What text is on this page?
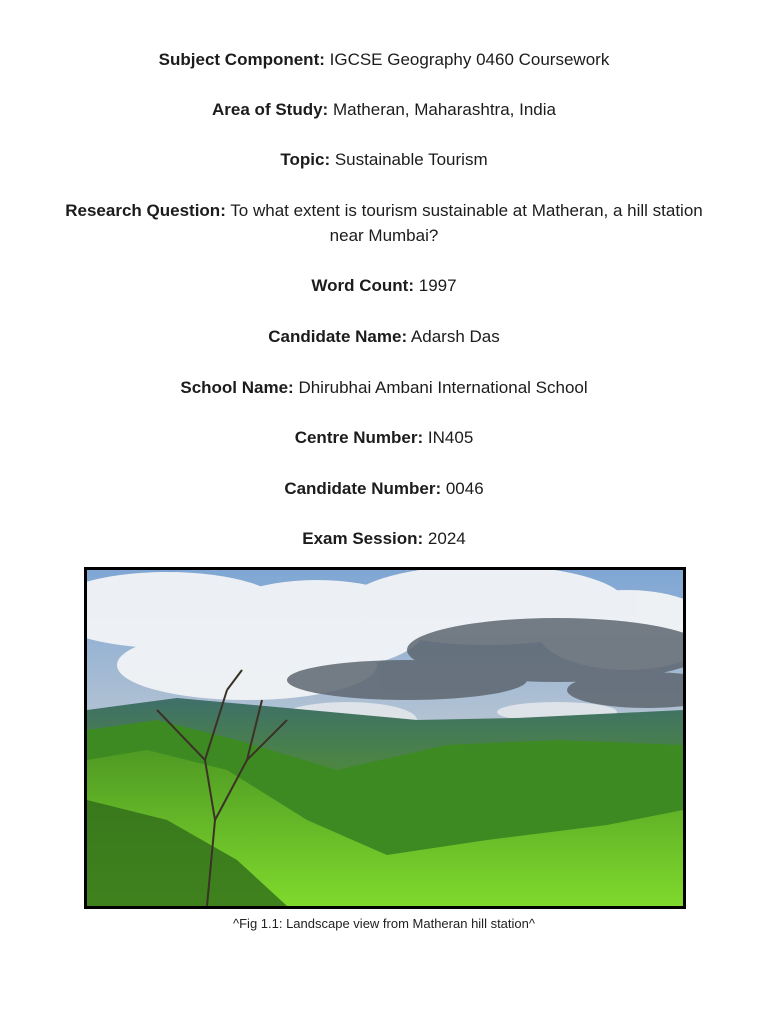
Subject Component: IGCSE Geography 0460 Coursework

Area of Study: Matheran, Maharashtra, India

Topic: Sustainable Tourism

Research Question: To what extent is tourism sustainable at Matheran, a hill station near Mumbai?

Word Count: 1997

Candidate Name: Adarsh Das

School Name: Dhirubhai Ambani International School

Centre Number: IN405

Candidate Number: 0046

Exam Session: 2024

^Fig 1.1: Landscape view from Matheran hill station^
